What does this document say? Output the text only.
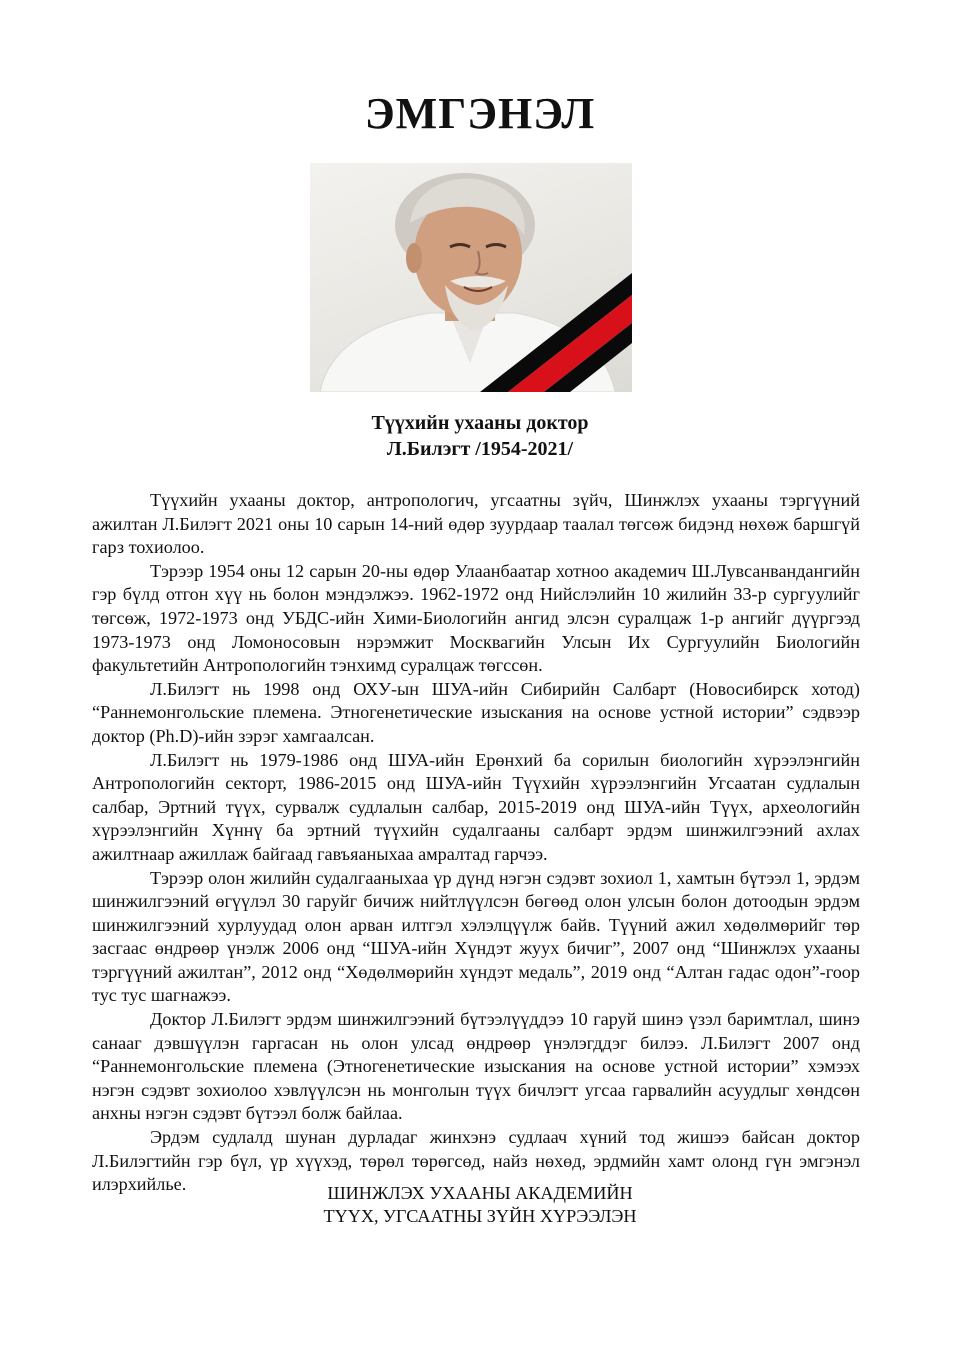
ЭМГЭНЭЛ
Түүхийн ухааны доктор
Л.Билэгт /1954-2021/

Түүхийн ухааны доктор, антропологич, угсаатны зүйч, Шинжлэх ухааны тэргүүний ажилтан Л.Билэгт 2021 оны 10 сарын 14-ний өдөр зуурдаар таалал төгсөж бидэнд нөхөж баршгүй гарз тохиолоо.

Тэрээр 1954 оны 12 сарын 20-ны өдөр Улаанбаатар хотноо академич Ш.Лувсанвандангийн гэр бүлд отгон хүү нь болон мэндэлжээ. 1962-1972 онд Нийслэлийн 10 жилийн 33-р сургуулийг төгсөж, 1972-1973 онд УБДС-ийн Хими-Биологийн ангид элсэн суралцаж 1-р ангийг дүүргээд 1973-1973 онд Ломоносовын нэрэмжит Москвагийн Улсын Их Сургуулийн Биологийн факультетийн Антропологийн тэнхимд суралцаж төгссөн.

Л.Билэгт нь 1998 онд ОХУ-ын ШУА-ийн Сибирийн Салбарт (Новосибирск хотод) “Раннемонгольские племена. Этногенетические изыскания на основе устной истории” сэдвээр доктор (Ph.D)-ийн зэрэг хамгаалсан.

Л.Билэгт нь 1979-1986 онд ШУА-ийн Ерөнхий ба сорилын биологийн хүрээлэнгийн Антропологийн секторт, 1986-2015 онд ШУА-ийн Түүхийн хүрээлэнгийн Угсаатан судлалын салбар, Эртний түүх, сурвалж судлалын салбар, 2015-2019 онд ШУА-ийн Түүх, археологийн хүрээлэнгийн Хүннү ба эртний түүхийн судалгааны салбарт эрдэм шинжилгээний ахлах ажилтнаар ажиллаж байгаад гавъяаныхаа амралтад гарчээ.

Тэрээр олон жилийн судалгааныхаа үр дүнд нэгэн сэдэвт зохиол 1, хамтын бүтээл 1, эрдэм шинжилгээний өгүүлэл 30 гаруйг бичиж нийтлүүлсэн бөгөөд олон улсын болон дотоодын эрдэм шинжилгээний хурлуудад олон арван илтгэл хэлэлцүүлж байв. Түүний ажил хөдөлмөрийг төр засгаас өндрөөр үнэлж 2006 онд “ШУА-ийн Хүндэт жуух бичиг”, 2007 онд “Шинжлэх ухааны тэргүүний ажилтан”, 2012 онд “Хөдөлмөрийн хүндэт медаль”, 2019 онд “Алтан гадас одон”-гоор тус тус шагнажээ.

Доктор Л.Билэгт эрдэм шинжилгээний бүтээлүүддээ 10 гаруй шинэ үзэл баримтлал, шинэ санааг дэвшүүлэн гаргасан нь олон улсад өндрөөр үнэлэгддэг билээ. Л.Билэгт 2007 онд “Раннемонгольские племена (Этногенетические изыскания на основе устной истории” хэмээх нэгэн сэдэвт зохиолоо хэвлүүлсэн нь монголын түүх бичлэгт угсаа гарвалийн асуудлыг хөндсөн анхны нэгэн сэдэвт бүтээл болж байлаа.

Эрдэм судлалд шунан дурладаг жинхэнэ судлаач хүний тод жишээ байсан доктор Л.Билэгтийн гэр бүл, үр хүүхэд, төрөл төрөгсөд, найз нөхөд, эрдмийн хамт олонд гүн эмгэнэл илэрхийлье.	ШИНЖЛЭХ УХААНЫ АКАДЕМИЙН
ТҮҮХ, УГСААТНЫ ЗҮЙН ХҮРЭЭЛЭН
